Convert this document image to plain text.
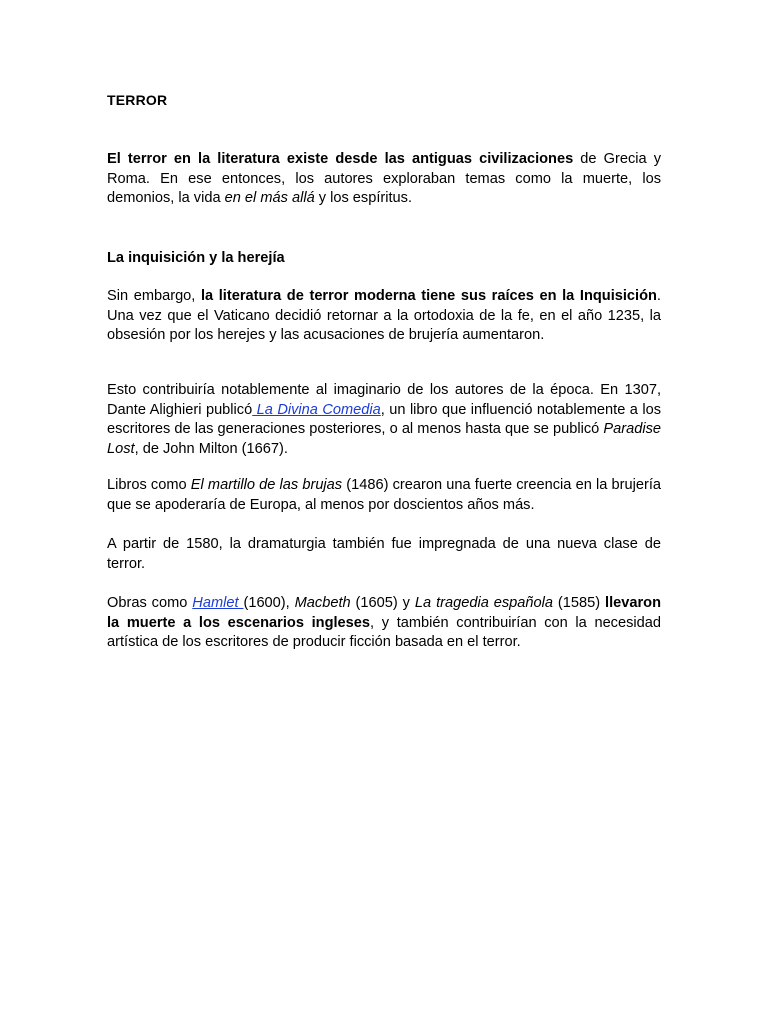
TERROR

El terror en la literatura existe desde las antiguas civilizaciones de Grecia y Roma. En ese entonces, los autores exploraban temas como la muerte, los demonios, la vida en el más allá y los espíritus.

La inquisición y la herejía

Sin embargo, la literatura de terror moderna tiene sus raíces en la Inquisición. Una vez que el Vaticano decidió retornar a la ortodoxia de la fe, en el año 1235, la obsesión por los herejes y las acusaciones de brujería aumentaron.

Esto contribuiría notablemente al imaginario de los autores de la época. En 1307, Dante Alighieri publicó La Divina Comedia, un libro que influenció notablemente a los escritores de las generaciones posteriores, o al menos hasta que se publicó Paradise Lost, de John Milton (1667).

Libros como El martillo de las brujas (1486) crearon una fuerte creencia en la brujería que se apoderaría de Europa, al menos por doscientos años más.

A partir de 1580, la dramaturgia también fue impregnada de una nueva clase de terror.

Obras como Hamlet (1600), Macbeth (1605) y La tragedia española (1585) llevaron la muerte a los escenarios ingleses, y también contribuirían con la necesidad artística de los escritores de producir ficción basada en el terror.
